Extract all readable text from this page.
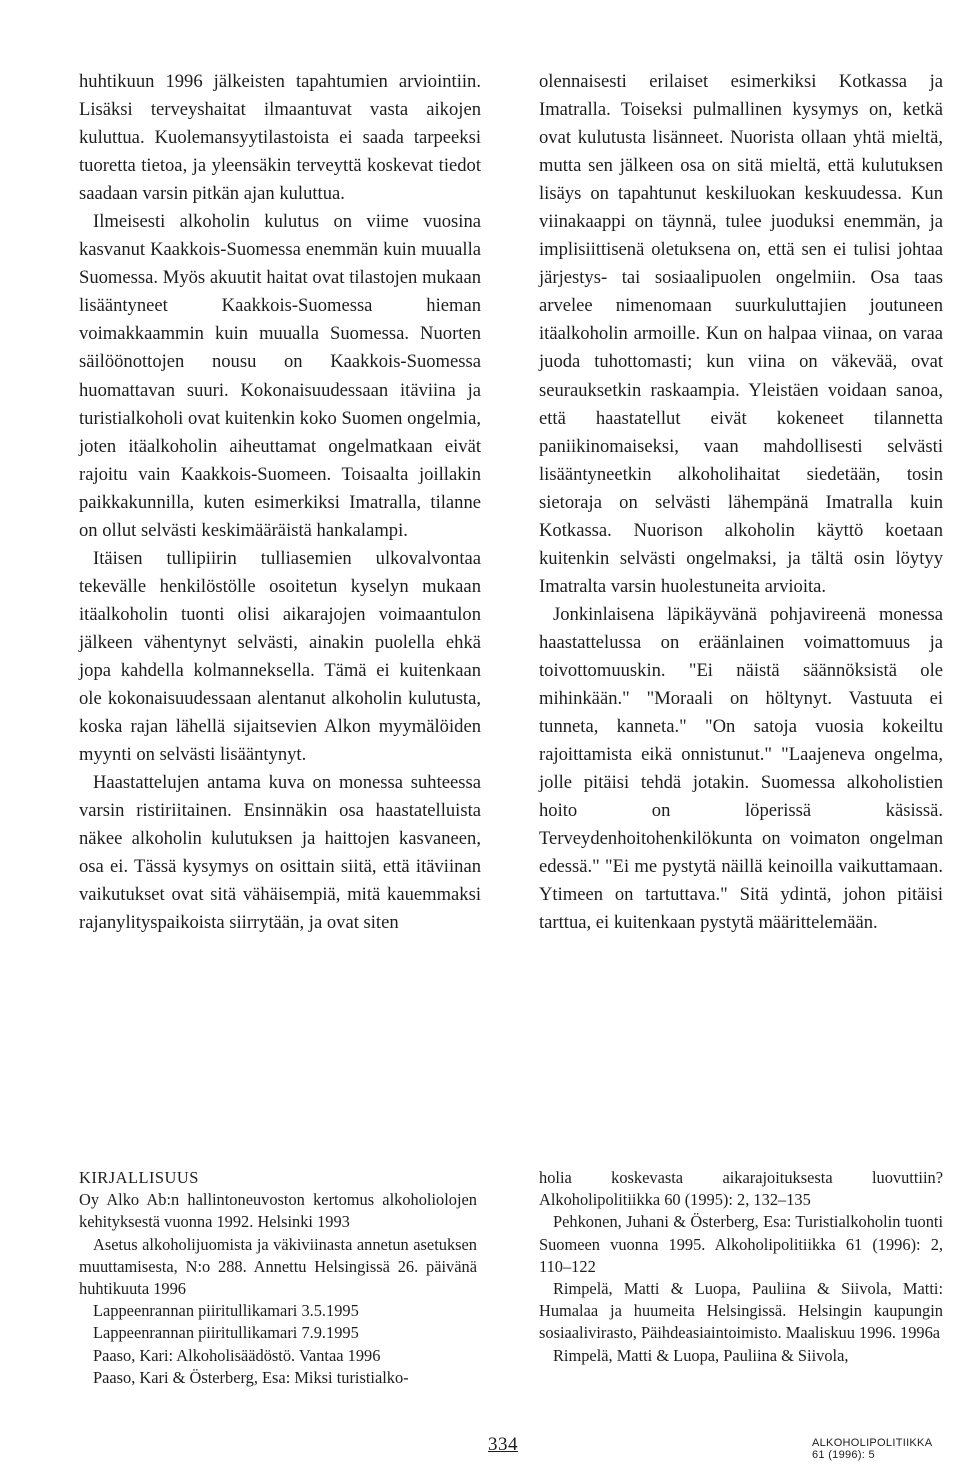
huhtikuun 1996 jälkeisten tapahtumien arviointiin. Lisäksi terveyshaitat ilmaantuvat vasta aikojen kuluttua. Kuolemansyytilastoista ei saada tarpeeksi tuoretta tietoa, ja yleensäkin terveyttä koskevat tiedot saadaan varsin pitkän ajan kuluttua.

Ilmeisesti alkoholin kulutus on viime vuosina kasvanut Kaakkois-Suomessa enemmän kuin muualla Suomessa. Myös akuutit haitat ovat tilastojen mukaan lisääntyneet Kaakkois-Suomessa hieman voimakkaammin kuin muualla Suomessa. Nuorten säilöönottojen nousu on Kaakkois-Suomessa huomattavan suuri. Kokonaisuudessaan itäviina ja turistialkoholi ovat kuitenkin koko Suomen ongelmia, joten itäalkoholin aiheuttamat ongelmatkaan eivät rajoitu vain Kaakkois-Suomeen. Toisaalta joillakin paikkakunnilla, kuten esimerkiksi Imatralla, tilanne on ollut selvästi keskimääräistä hankalampi.

Itäisen tullipiirin tulliasemien ulkovalvontaa tekevälle henkilöstölle osoitetun kyselyn mukaan itäalkoholin tuonti olisi aikarajojen voimaantulon jälkeen vähentynyt selvästi, ainakin puolella ehkä jopa kahdella kolmanneksella. Tämä ei kuitenkaan ole kokonaisuudessaan alentanut alkoholin kulutusta, koska rajan lähellä sijaitsevien Alkon myymälöiden myynti on selvästi lisääntynyt.

Haastattelujen antama kuva on monessa suhteessa varsin ristiriitainen. Ensinnäkin osa haastatelluista näkee alkoholin kulutuksen ja haittojen kasvaneen, osa ei. Tässä kysymys on osittain siitä, että itäviinan vaikutukset ovat sitä vähäisempiä, mitä kauemmaksi rajanylityspaikoista siirrytään, ja ovat siten

olennaisesti erilaiset esimerkiksi Kotkassa ja Imatralla. Toiseksi pulmallinen kysymys on, ketkä ovat kulutusta lisänneet. Nuorista ollaan yhtä mieltä, mutta sen jälkeen osa on sitä mieltä, että kulutuksen lisäys on tapahtunut keskiluokan keskuudessa. Kun viinakaappi on täynnä, tulee juoduksi enemmän, ja implisiittisenä oletuksena on, että sen ei tulisi johtaa järjestys- tai sosiaalipuolen ongelmiin. Osa taas arvelee nimenomaan suurkuluttajien joutuneen itäalkoholin armoille. Kun on halpaa viinaa, on varaa juoda tuhottomasti; kun viina on väkevää, ovat seurauksetkin raskaampia. Yleistäen voidaan sanoa, että haastatellut eivät kokeneet tilannetta paniikinomaiseksi, vaan mahdollisesti selvästi lisääntyneetkin alkoholihaitat siedetään, tosin sietoraja on selvästi lähempänä Imatralla kuin Kotkassa. Nuorison alkoholin käyttö koetaan kuitenkin selvästi ongelmaksi, ja tältä osin löytyy Imatralta varsin huolestuneita arvioita.

Jonkinlaisena läpikäyvänä pohjavireenä monessa haastattelussa on eräänlainen voimattomuus ja toivottomuuskin. "Ei näistä säännöksistä ole mihinkään." "Moraali on höltynyt. Vastuuta ei tunneta, kanneta." "On satoja vuosia kokeiltu rajoittamista eikä onnistunut." "Laajeneva ongelma, jolle pitäisi tehdä jotakin. Suomessa alkoholistien hoito on löperissä käsissä. Terveydenhoitohenkilökunta on voimaton ongelman edessä." "Ei me pystytä näillä keinoilla vaikuttamaan. Ytimeen on tartuttava." Sitä ydintä, johon pitäisi tarttua, ei kuitenkaan pystytä määrittelemään.

KIRJALLISUUS

Oy Alko Ab:n hallintoneuvoston kertomus alkoholiolojen kehityksestä vuonna 1992. Helsinki 1993

Asetus alkoholijuomista ja väkiviinasta annetun asetuksen muuttamisesta, N:o 288. Annettu Helsingissä 26. päivänä huhtikuuta 1996

Lappeenrannan piiritullikamari 3.5.1995

Lappeenrannan piiritullikamari 7.9.1995

Paaso, Kari: Alkoholisäädöstö. Vantaa 1996

Paaso, Kari & Österberg, Esa: Miksi turistialko-

holia koskevasta aikarajoituksesta luovuttiin? Alkoholipolitiikka 60 (1995): 2, 132–135

Pehkonen, Juhani & Österberg, Esa: Turistialkoholin tuonti Suomeen vuonna 1995. Alkoholipolitiikka 61 (1996): 2, 110–122

Rimpelä, Matti & Luopa, Pauliina & Siivola, Matti: Humalaa ja huumeita Helsingissä. Helsingin kaupungin sosiaalivirasto, Päihdeasiaintoimisto. Maaliskuu 1996. 1996a

Rimpelä, Matti & Luopa, Pauliina & Siivola,

334	ALKOHOLIPOLITIIKKA
61 (1996): 5
